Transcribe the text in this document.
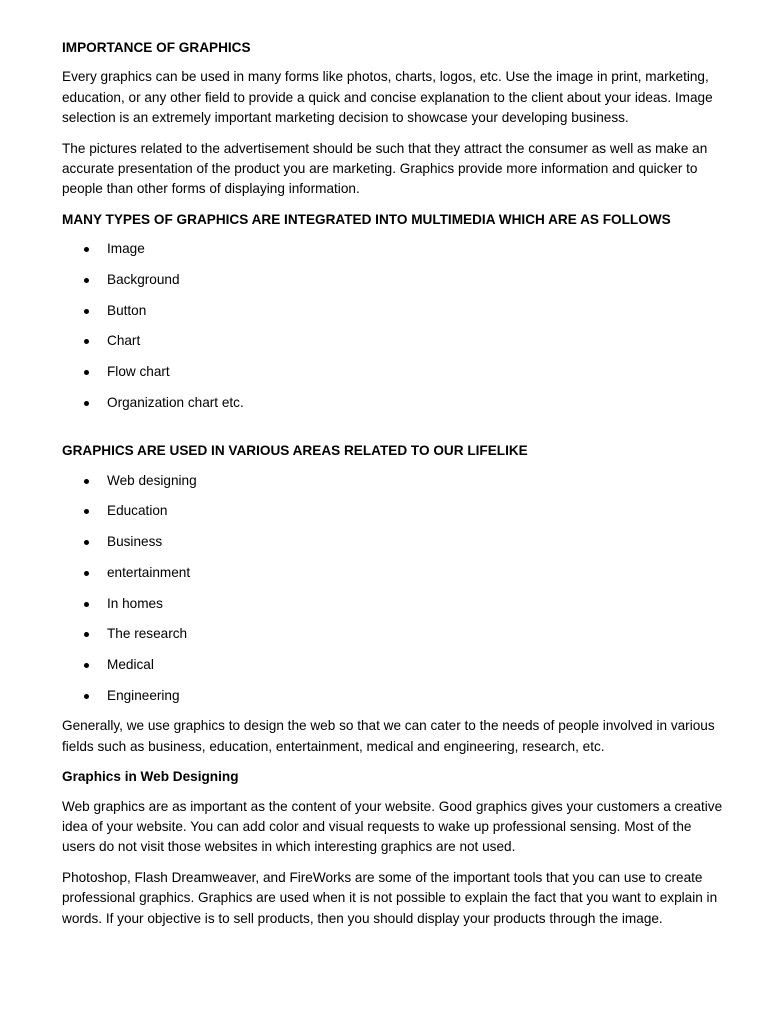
IMPORTANCE OF GRAPHICS

Every graphics can be used in many forms like photos, charts, logos, etc. Use the image in print, marketing, education, or any other field to provide a quick and concise explanation to the client about your ideas. Image selection is an extremely important marketing decision to showcase your developing business.

The pictures related to the advertisement should be such that they attract the consumer as well as make an accurate presentation of the product you are marketing. Graphics provide more information and quicker to people than other forms of displaying information.

MANY TYPES OF GRAPHICS ARE INTEGRATED INTO MULTIMEDIA WHICH ARE AS FOLLOWS
Image
Background
Button
Chart
Flow chart
Organization chart etc.
GRAPHICS ARE USED IN VARIOUS AREAS RELATED TO OUR LIFELIKE
Web designing
Education
Business
entertainment
In homes
The research
Medical
Engineering

Generally, we use graphics to design the web so that we can cater to the needs of people involved in various fields such as business, education, entertainment, medical and engineering, research, etc.

Graphics in Web Designing

Web graphics are as important as the content of your website. Good graphics gives your customers a creative idea of your website. You can add color and visual requests to wake up professional sensing. Most of the users do not visit those websites in which interesting graphics are not used.

Photoshop, Flash Dreamweaver, and FireWorks are some of the important tools that you can use to create professional graphics. Graphics are used when it is not possible to explain the fact that you want to explain in words. If your objective is to sell products, then you should display your products through the image.
